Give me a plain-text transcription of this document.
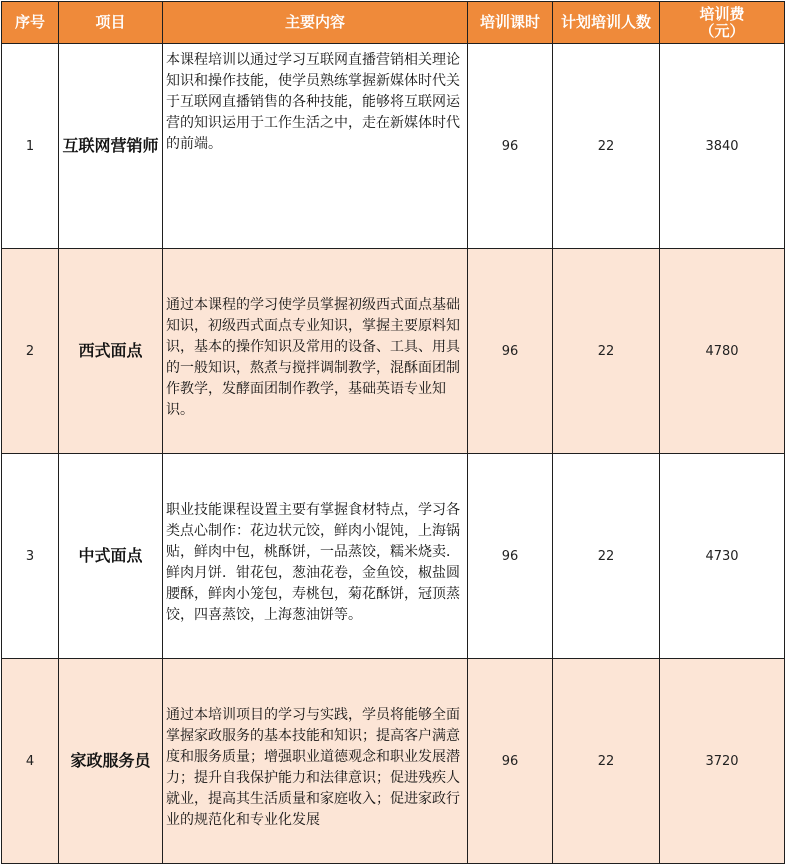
序号	项目	主要内容	培训课时	计划培训人数	培训费
（元）

1	互联网营销师	本课程培训以通过学习互联网直播营销相关理论知识和操作技能，使学员熟练掌握新媒体时代关于互联网直播销售的各种技能，能够将互联网运营的知识运用于工作生活之中，走在新媒体时代的前端。	96	22	3840
2	西式面点	通过本课程的学习使学员掌握初级西式面点基础知识，初级西式面点专业知识，掌握主要原料知识，基本的操作知识及常用的设备、工具、用具的一般知识，熬煮与搅拌调制教学，混酥面团制作教学，发酵面团制作教学，基础英语专业知识。	96	22	4780
3	中式面点	职业技能课程设置主要有掌握食材特点，学习各类点心制作：花边状元饺，鲜肉小馄饨，上海锅贴，鲜肉中包，桃酥饼，一品蒸饺，糯米烧卖．鲜肉月饼．钳花包，葱油花卷，金鱼饺，椒盐圆腰酥，鲜肉小笼包，寿桃包，菊花酥饼，冠顶蒸饺，四喜蒸饺，上海葱油饼等。	96	22	4730
4	家政服务员	通过本培训项目的学习与实践，学员将能够全面掌握家政服务的基本技能和知识；提高客户满意度和服务质量；增强职业道德观念和职业发展潜力；提升自我保护能力和法律意识；促进残疾人就业，提高其生活质量和家庭收入；促进家政行业的规范化和专业化发展	96	22	3720
